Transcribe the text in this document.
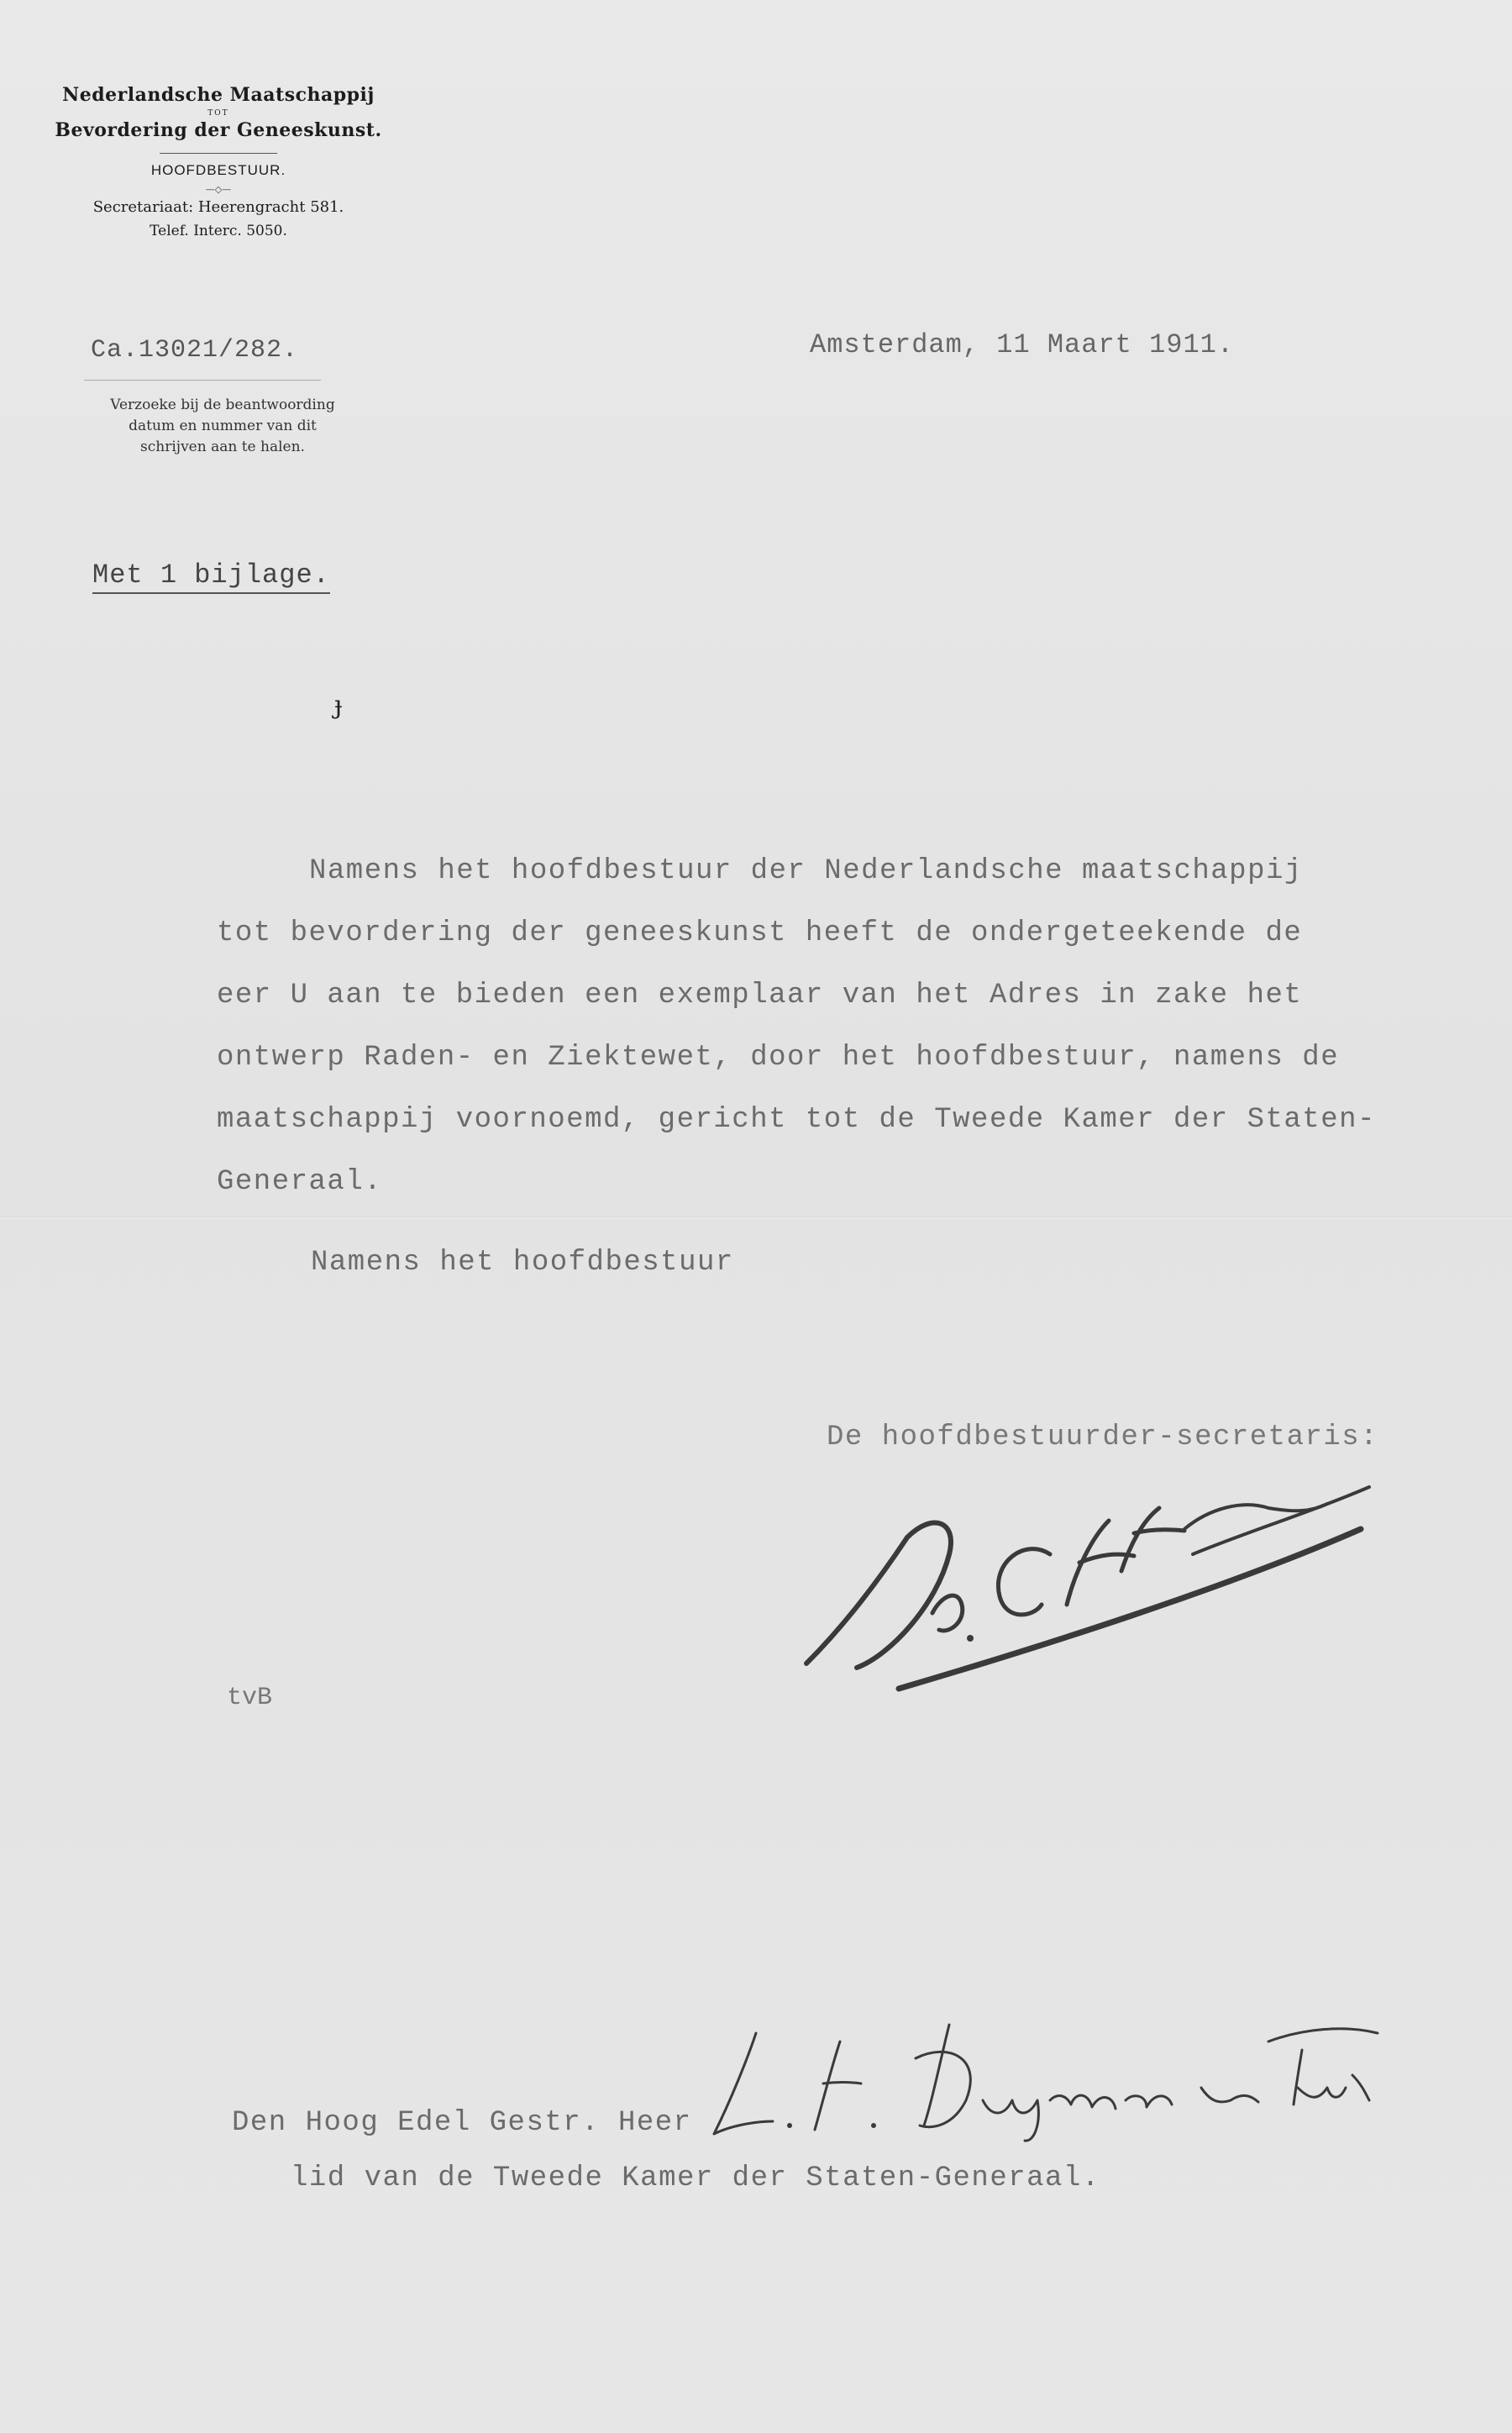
Nederlandsche Maatschappij
TOT
Bevordering der Geneeskunst.
HOOFDBESTUUR.
—◇—
Secretariaat: Heerengracht 581.
Telef. Interc. 5050.
Ca.13021/282.
Verzoeke bij de beantwoording
datum en nummer van dit
schrijven aan te halen.
Amsterdam, 11 Maart 1911.
Met 1 bijlage.
ɟ
Namens het hoofdbestuur der Nederlandsche maatschappij
tot bevordering der geneeskunst heeft de ondergeteekende de
eer U aan te bieden een exemplaar van het Adres in zake het
ontwerp Raden- en Ziektewet, door het hoofdbestuur, namens de
maatschappij voornoemd, gericht tot de Tweede Kamer der Staten-
Generaal.
Namens het hoofdbestuur
De hoofdbestuurder-secretaris:
Dr. C.F. Schreve
tvB
Den Hoog Edel Gestr. Heer
L.F. Duymaer van Twist
lid van de Tweede Kamer der Staten-Generaal.
